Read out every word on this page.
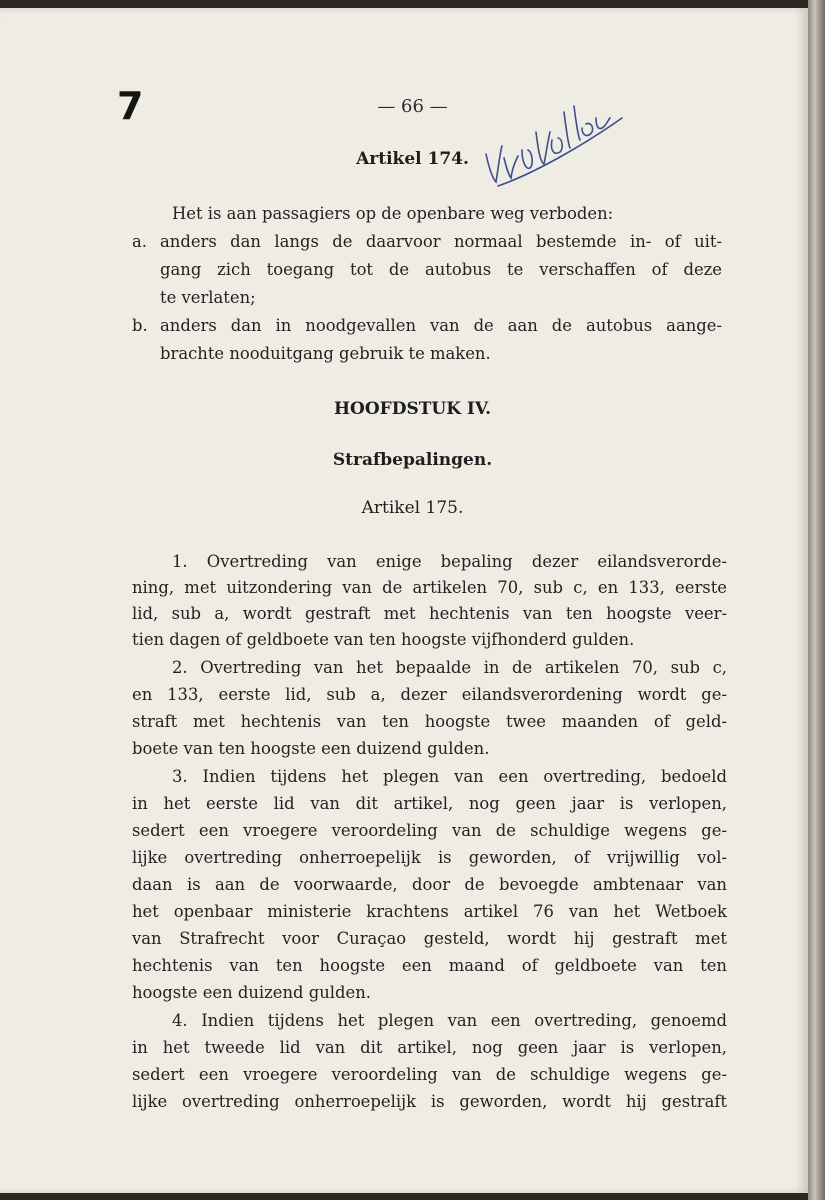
7	— 66 —
Artikel 174.
Het is aan passagiers op de openbare weg verboden:
a. anders dan langs de daarvoor normaal bestemde in- of uit-
gang zich toegang tot de autobus te verschaffen of deze
te verlaten;
b. anders dan in noodgevallen van de aan de autobus aange-
brachte nooduitgang gebruik te maken.
HOOFDSTUK IV.
Strafbepalingen.
Artikel 175.
1. Overtreding van enige bepaling dezer eilandsverorde-
ning, met uitzondering van de artikelen 70, sub c, en 133, eerste
lid, sub a, wordt gestraft met hechtenis van ten hoogste veer-
tien dagen of geldboete van ten hoogste vijfhonderd gulden.
2. Overtreding van het bepaalde in de artikelen 70, sub c,
en 133, eerste lid, sub a, dezer eilandsverordening wordt ge-
straft met hechtenis van ten hoogste twee maanden of geld-
boete van ten hoogste een duizend gulden.
3. Indien tijdens het plegen van een overtreding, bedoeld
in het eerste lid van dit artikel, nog geen jaar is verlopen,
sedert een vroegere veroordeling van de schuldige wegens ge-
lijke overtreding onherroepelijk is geworden, of vrijwillig vol-
daan is aan de voorwaarde, door de bevoegde ambtenaar van
het openbaar ministerie krachtens artikel 76 van het Wetboek
van Strafrecht voor Curaçao gesteld, wordt hij gestraft met
hechtenis van ten hoogste een maand of geldboete van ten
hoogste een duizend gulden.
4. Indien tijdens het plegen van een overtreding, genoemd
in het tweede lid van dit artikel, nog geen jaar is verlopen,
sedert een vroegere veroordeling van de schuldige wegens ge-
lijke overtreding onherroepelijk is geworden, wordt hij gestraft
